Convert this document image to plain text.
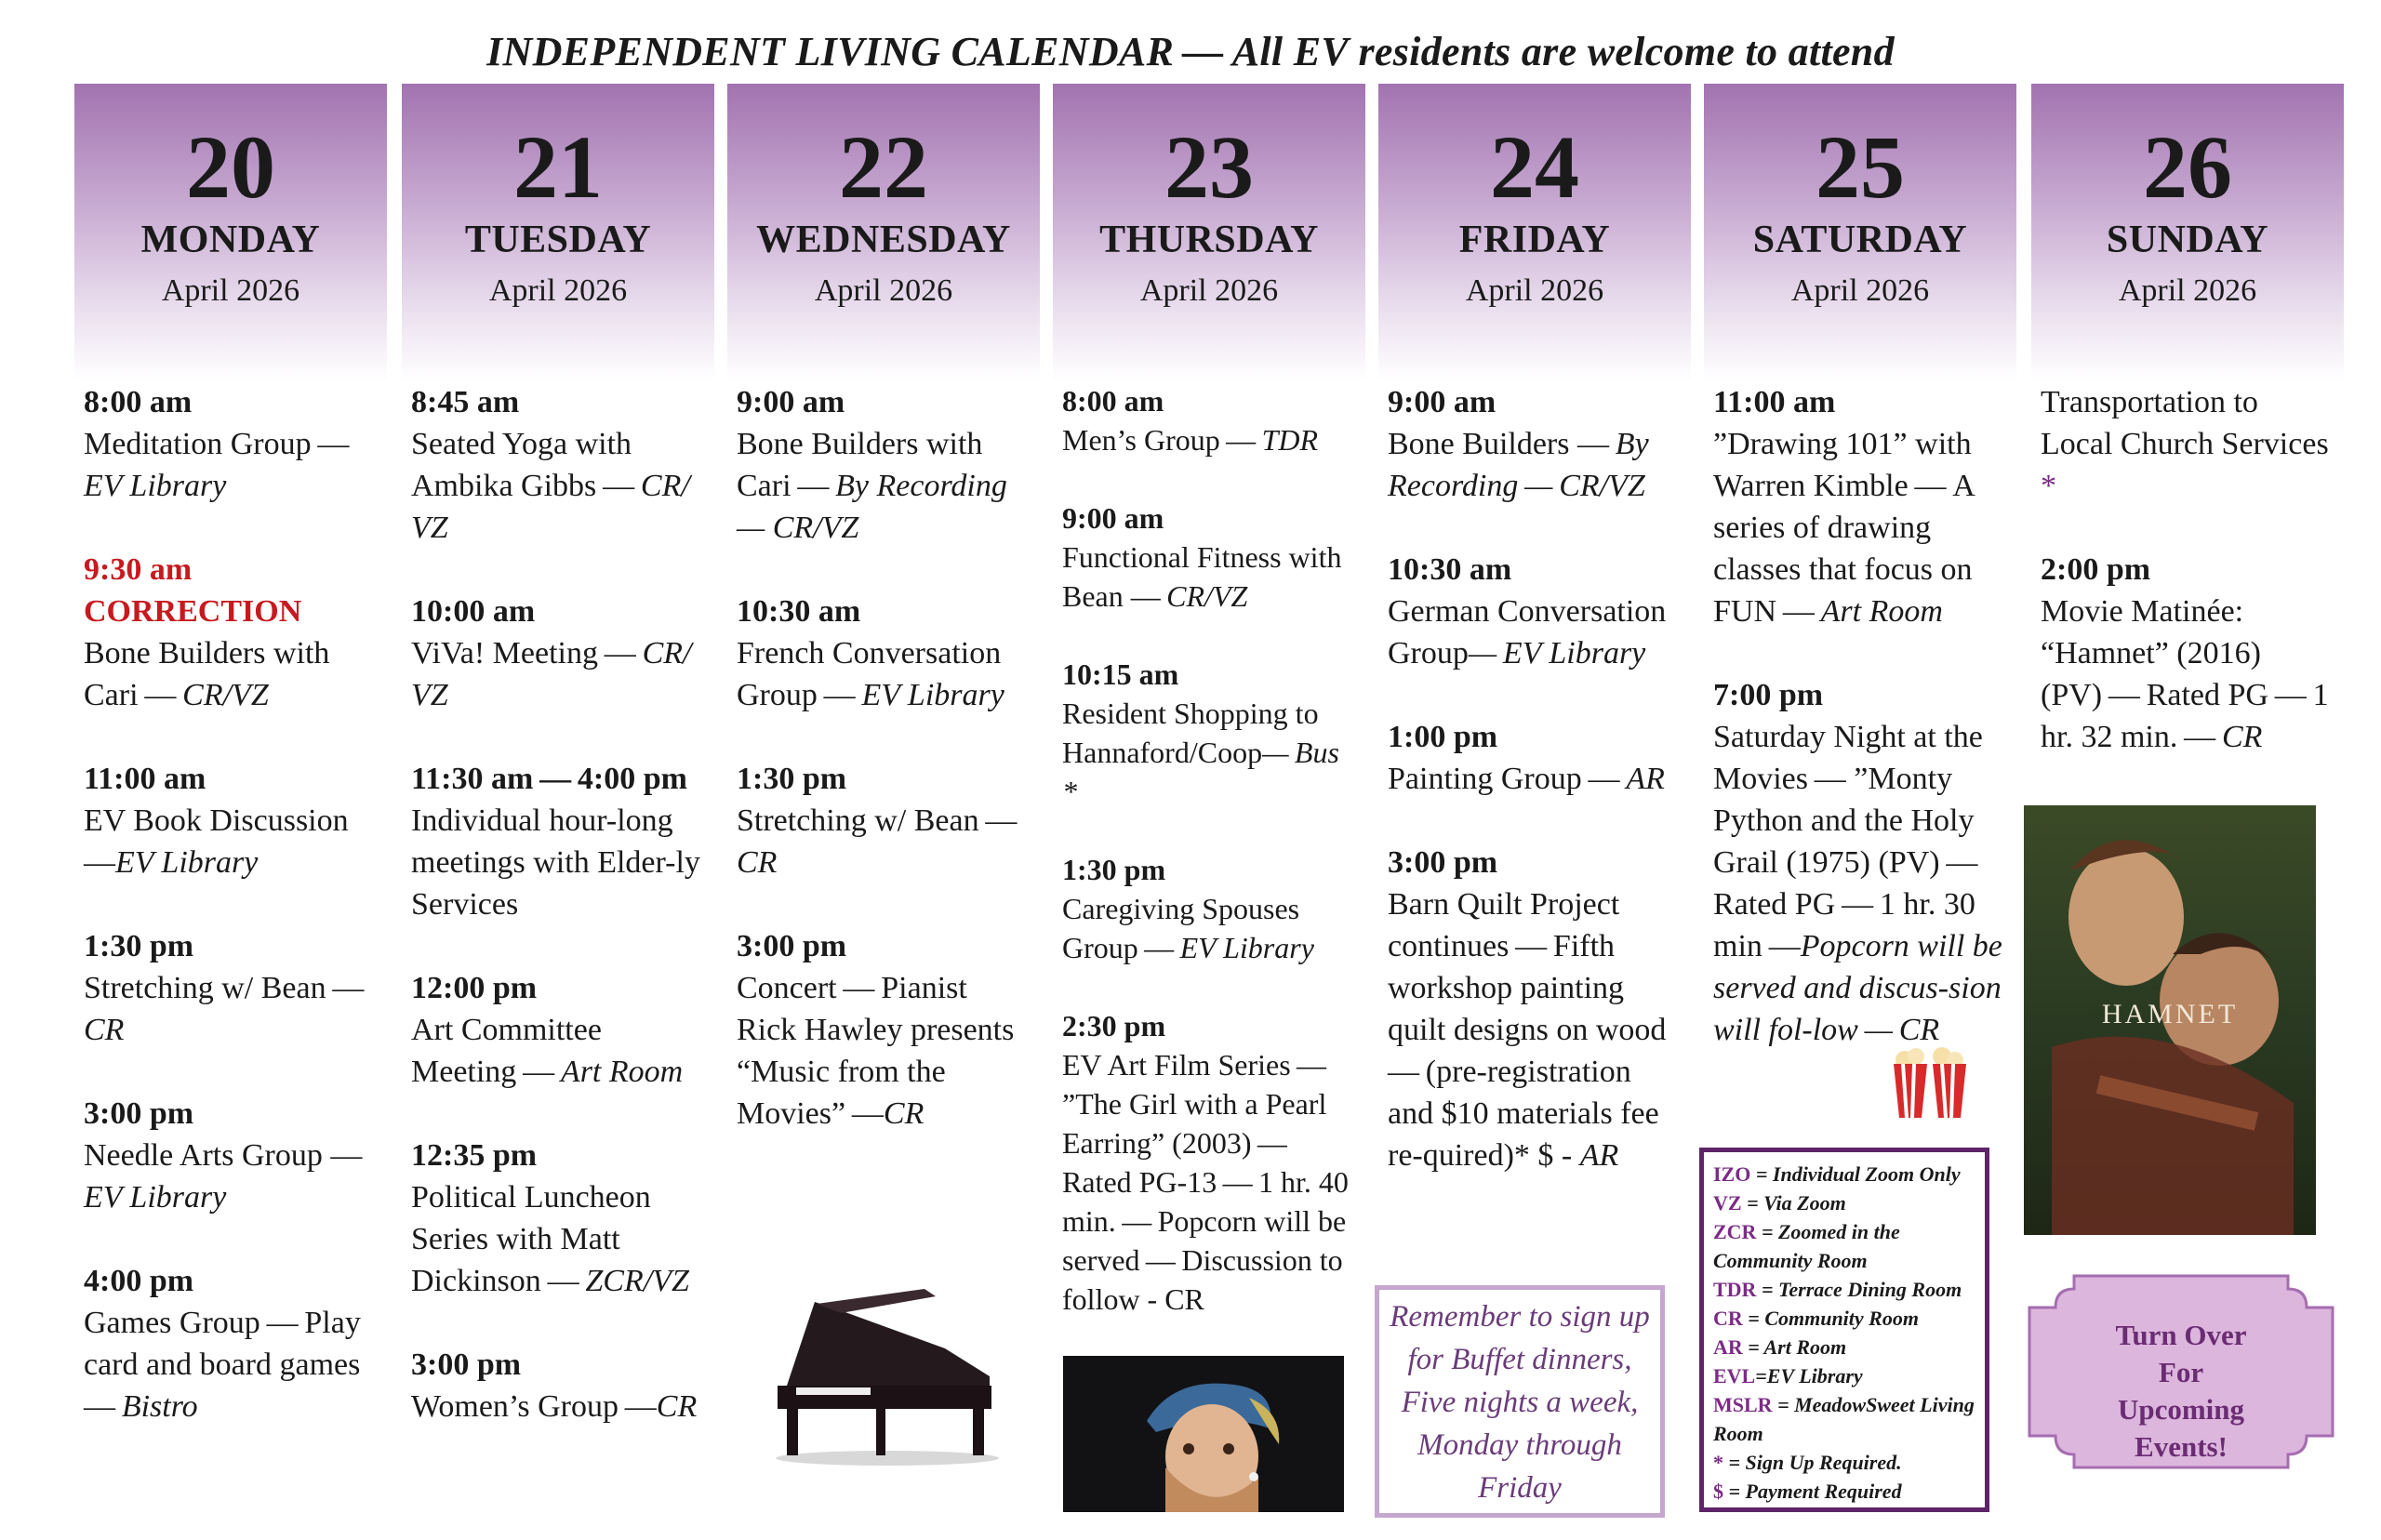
INDEPENDENT LIVING CALENDAR — All EV residents are welcome to attend
20
MONDAY
April 2026
8:00 am
Meditation Group —EV Library
9:30 am
CORRECTION
Bone Builders with Cari — CR/VZ
11:00 am
EV Book Discussion —EV Library
1:30 pm
Stretching w/ Bean —CR
3:00 pm
Needle Arts Group —EV Library
4:00 pm
Games Group — Play card and board games — Bistro
21
TUESDAY
April 2026
8:45 am
Seated Yoga with Ambika Gibbs — CR/ VZ
10:00 am
ViVa! Meeting — CR/ VZ
11:30 am — 4:00 pm
Individual hour-long meetings with Elder-ly Services
12:00 pm
Art Committee Meeting — Art Room
12:35 pm
Political Luncheon Series with Matt Dickinson — ZCR/VZ
3:00 pm
Women’s Group —CR
22
WEDNESDAY
April 2026
9:00 am
Bone Builders with Cari — By Recording — CR/VZ
10:30 am
French Conversation Group — EV Library
1:30 pm
Stretching w/ Bean —CR
3:00 pm
Concert — Pianist Rick Hawley presents “Music from the Movies” —CR
23
THURSDAY
April 2026
8:00 am
Men’s Group — TDR
9:00 am
Functional Fitness with Bean — CR/VZ
10:15 am
Resident Shopping to Hannaford/Coop— Bus *
1:30 pm
Caregiving Spouses Group — EV Library
2:30 pm
EV Art Film Series — ”The Girl with a Pearl Earring” (2003) — Rated PG-13 — 1 hr. 40 min. — Popcorn will be served — Discussion to follow - CR
24
FRIDAY
April 2026
9:00 am
Bone Builders — By Recording — CR/VZ
10:30 am
German Conversation Group— EV Library
1:00 pm
Painting Group — AR
3:00 pm
Barn Quilt Project continues — Fifth workshop painting quilt designs on wood — (pre-registration and $10 materials fee re-quired)* $ - AR
25
SATURDAY
April 2026
11:00 am
”Drawing 101” with Warren Kimble — A series of drawing classes that focus on FUN — Art Room
7:00 pm
Saturday Night at the Movies — ”Monty Python and the Holy Grail (1975) (PV) — Rated PG — 1 hr. 30 min —Popcorn will be served and discus-sion will fol-low — CR
26
SUNDAY
April 2026
Transportation to Local Church Services *
2:00 pm
Movie Matinée: “Hamnet” (2016) (PV) — Rated PG — 1 hr. 32 min. — CR
HAMNET
Remember to sign up for Buffet dinners, Five nights a week, Monday through Friday
IZO = Individual Zoom Only
VZ = Via Zoom
ZCR = Zoomed in the Community Room
TDR = Terrace Dining Room
CR = Community Room
AR = Art Room
EVL=EV Library
MSLR = MeadowSweet Living Room
* = Sign Up Required.
$ = Payment Required
Turn Over
For
Upcoming
Events!
